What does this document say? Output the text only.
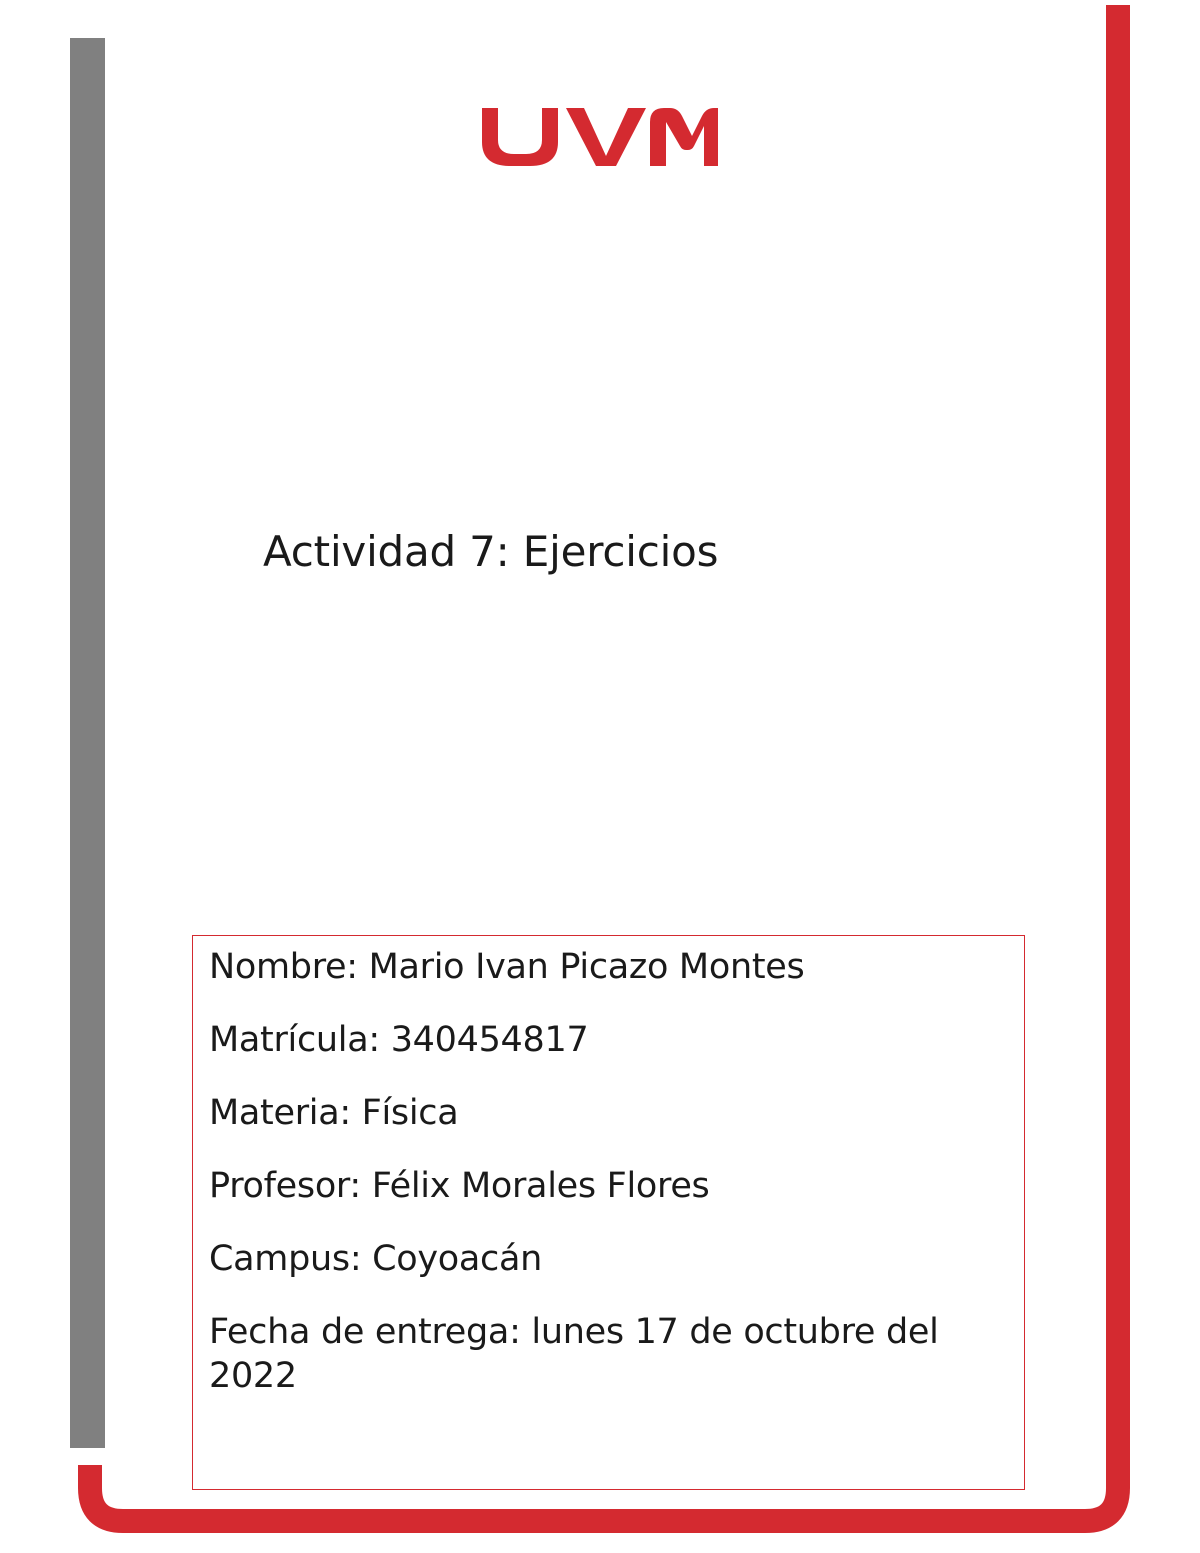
Actividad 7: Ejercicios

Nombre: Mario Ivan Picazo Montes

Matrícula: 340454817

Materia: Física

Profesor: Félix Morales Flores

Campus: Coyoacán

Fecha de entrega: lunes 17 de octubre del 2022
